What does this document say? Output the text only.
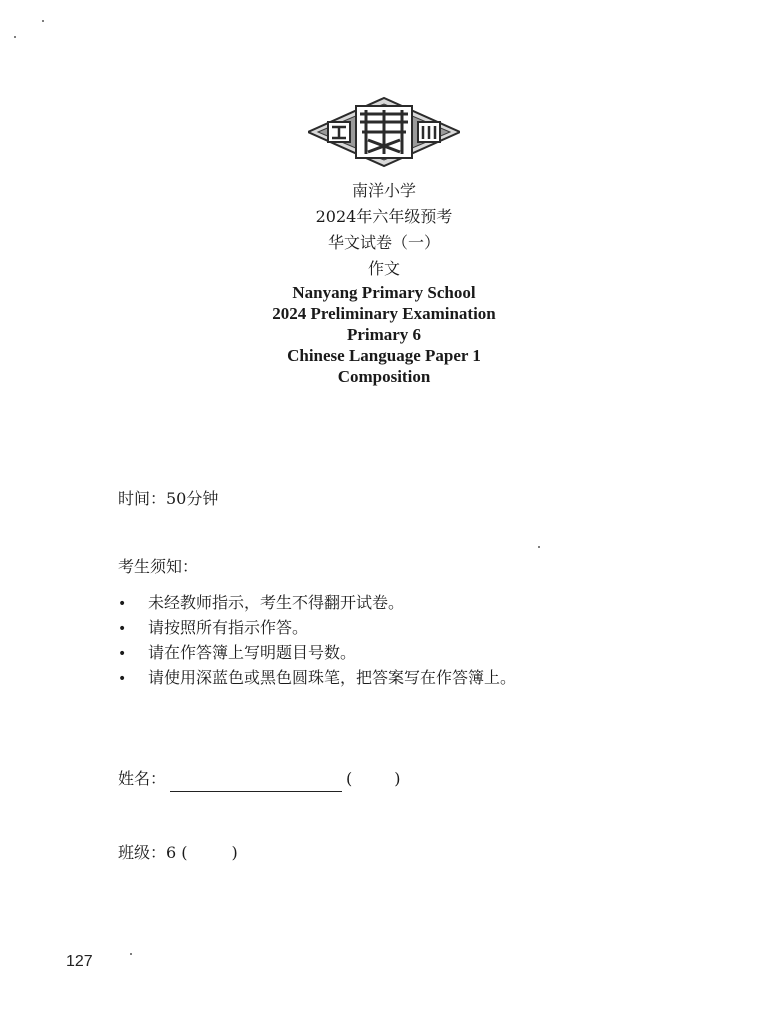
南洋小学
2024年六年级预考
华文试卷（一）
作文
Nanyang Primary School
2024 Preliminary Examination
Primary 6
Chinese Language Paper 1
Composition
时间：50分钟
考生须知：
• 未经教师指示，考生不得翻开试卷。
• 请按照所有指示作答。
• 请在作答簿上写明题目号数。
• 请使用深蓝色或黑色圆珠笔，把答案写在作答簿上。
姓名：	(	)
班级：6 (	)
127
